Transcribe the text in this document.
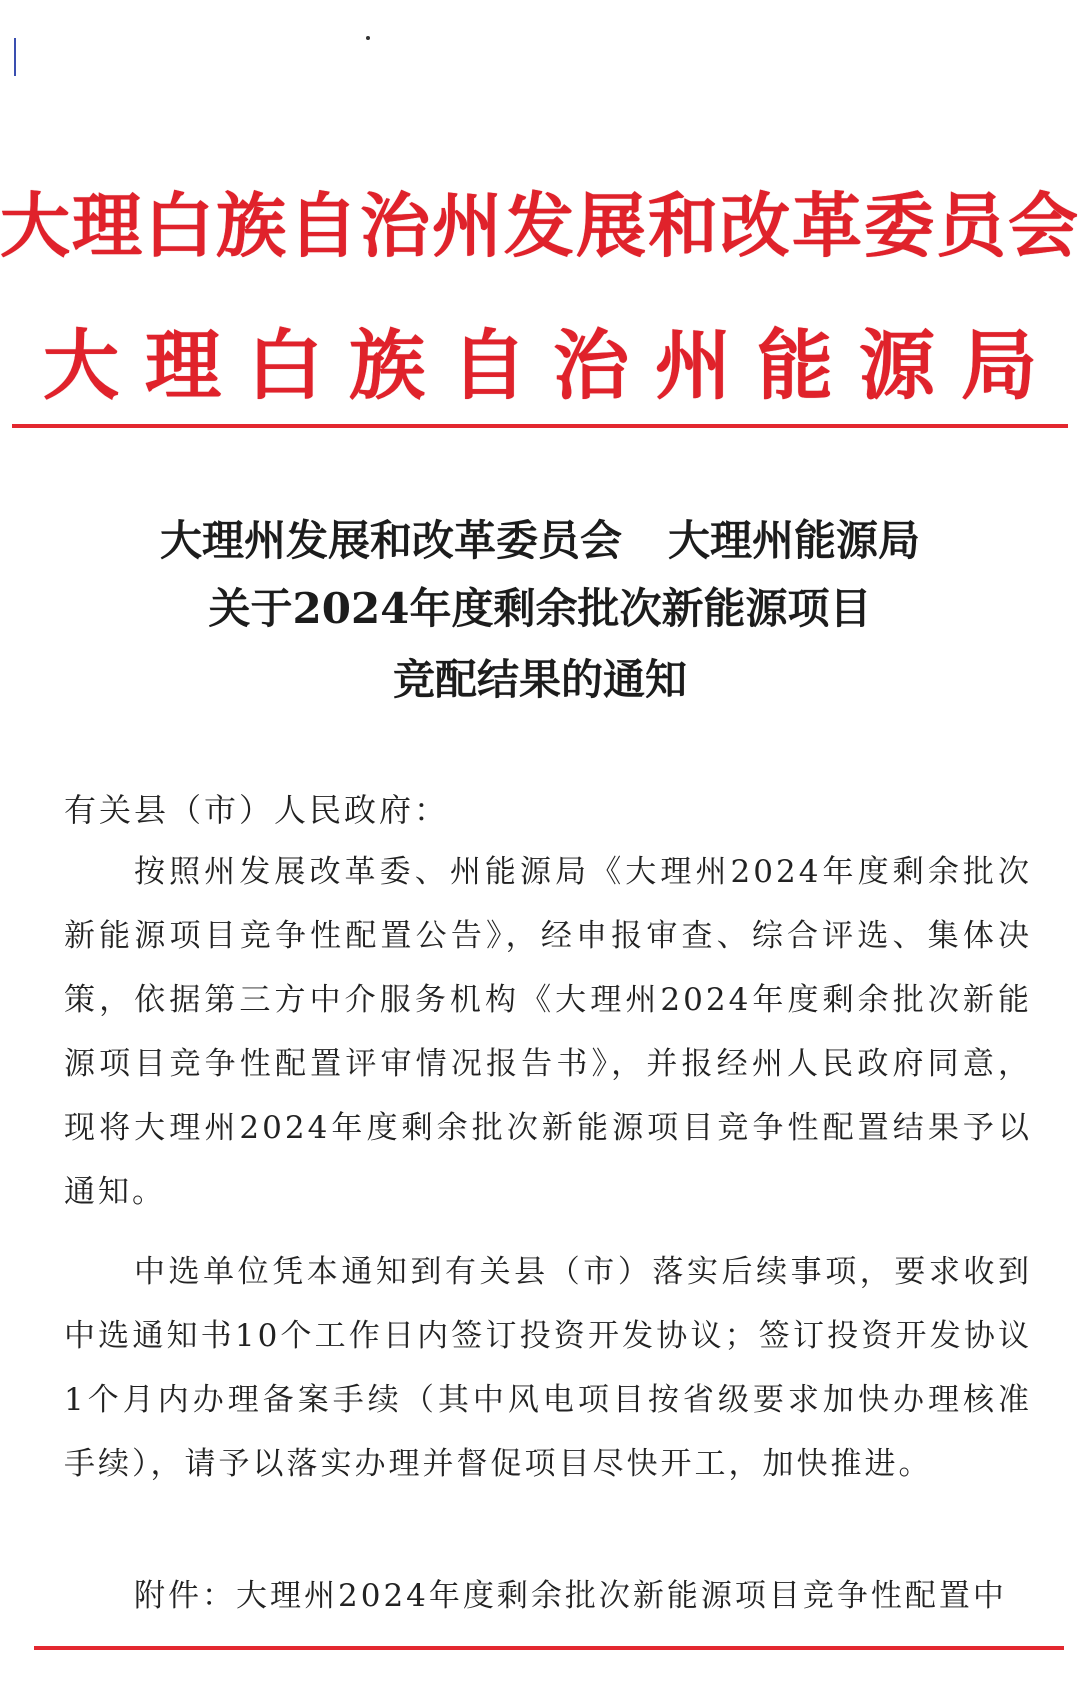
大理白族自治州发展和改革委员会
大理白族自治州能源局
大理州发展和改革委员会 大理州能源局
关于2024年度剩余批次新能源项目
竞配结果的通知
有关县（市）人民政府：
按照州发展改革委、州能源局《大理州2024年度剩余批次新能源项目竞争性配置公告》，经申报审查、综合评选、集体决策，依据第三方中介服务机构《大理州2024年度剩余批次新能源项目竞争性配置评审情况报告书》，并报经州人民政府同意，现将大理州2024年度剩余批次新能源项目竞争性配置结果予以通知。
中选单位凭本通知到有关县（市）落实后续事项，要求收到中选通知书10个工作日内签订投资开发协议；签订投资开发协议1个月内办理备案手续（其中风电项目按省级要求加快办理核准手续），请予以落实办理并督促项目尽快开工，加快推进。
附件：大理州2024年度剩余批次新能源项目竞争性配置中
